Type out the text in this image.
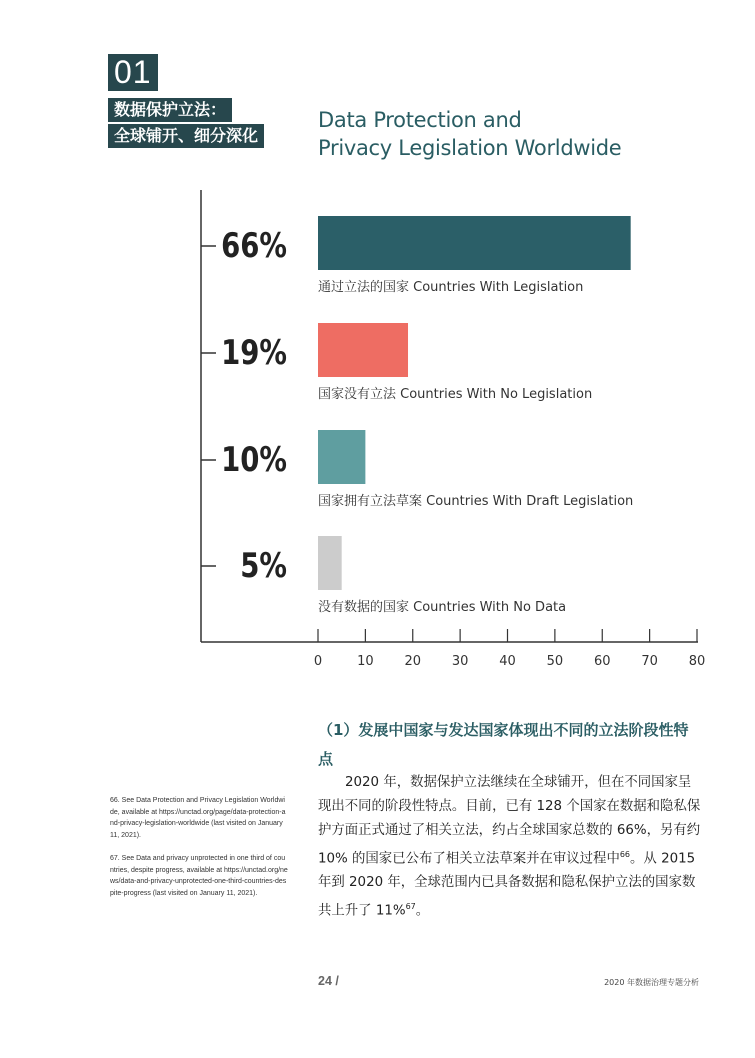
01
数据保护立法：
全球铺开、细分深化
Data Protection and
Privacy Legislation Worldwide
0	10 20 30 40 50 60 70 80
66%
通过立法的国家 Countries With Legislation
19%
国家没有立法 Countries With No Legislation
10%
国家拥有立法草案 Countries With Draft Legislation
5%
没有数据的国家 Countries With No Data
（1）发展中国家与发达国家体现出不同的立法阶段性特点
2020 年，数据保护立法继续在全球铺开，但在不同国家呈现出不同的阶段性特点。目前，已有 128 个国家在数据和隐私保护方面正式通过了相关立法，约占全球国家总数的 66%，另有约 10% 的国家已公布了相关立法草案并在审议过程中$^{66}$。从 2015 年到 2020 年，全球范围内已具备数据和隐私保护立法的国家数共上升了 11%$^{67}$。

66. See Data Protection and Privacy Legislation Worldwide, available at https://unctad.org/page/data-protection-and-privacy-legislation-worldwide (last visited on January 11, 2021).

67. See Data and privacy unprotected in one third of countries, despite progress, available at https://unctad.org/news/data-and-privacy-unprotected-one-third-countries-despite-progress (last visited on January 11, 2021).

24 /	2020 年数据治理专题分析
